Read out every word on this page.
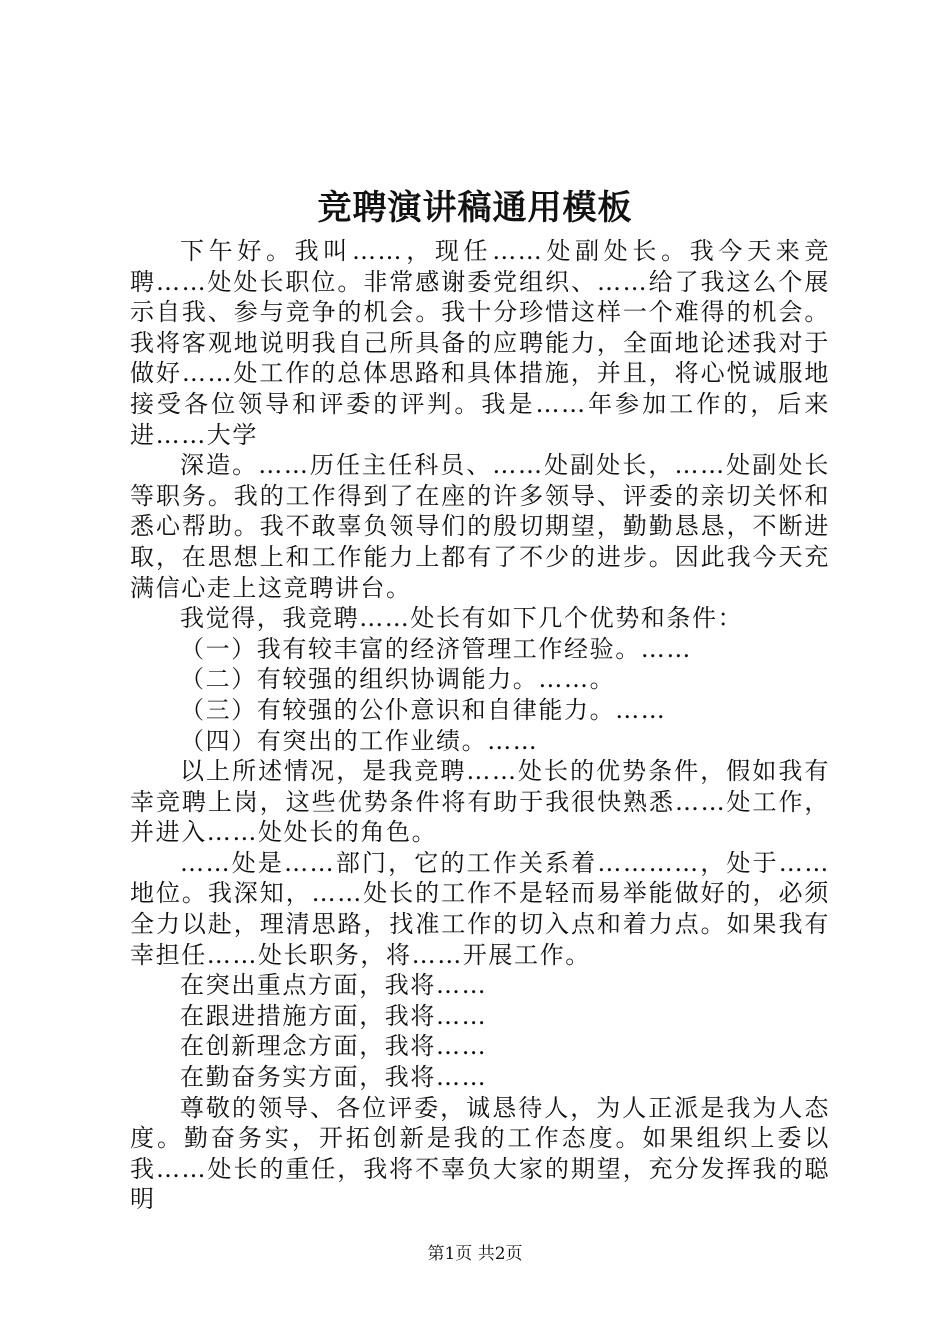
竞聘演讲稿通用模板

下午好。我叫……，现任……处副处长。我今天来竞聘……处处长职位。非常感谢委党组织、……给了我这么个展示自我、参与竞争的机会。我十分珍惜这样一个难得的机会。我将客观地说明我自己所具备的应聘能力，全面地论述我对于做好……处工作的总体思路和具体措施，并且，将心悦诚服地接受各位领导和评委的评判。我是……年参加工作的，后来进……大学

深造。……历任主任科员、……处副处长，……处副处长等职务。我的工作得到了在座的许多领导、评委的亲切关怀和悉心帮助。我不敢辜负领导们的殷切期望，勤勤恳恳，不断进取，在思想上和工作能力上都有了不少的进步。因此我今天充满信心走上这竞聘讲台。

我觉得，我竞聘……处长有如下几个优势和条件：

（一）我有较丰富的经济管理工作经验。……

（二）有较强的组织协调能力。……。

（三）有较强的公仆意识和自律能力。……

（四）有突出的工作业绩。……

以上所述情况，是我竞聘……处长的优势条件，假如我有幸竞聘上岗，这些优势条件将有助于我很快熟悉……处工作，并进入……处处长的角色。

……处是……部门，它的工作关系着…………，处于……地位。我深知，……处长的工作不是轻而易举能做好的，必须全力以赴，理清思路，找准工作的切入点和着力点。如果我有幸担任……处长职务，将……开展工作。

在突出重点方面，我将……

在跟进措施方面，我将……

在创新理念方面，我将……

在勤奋务实方面，我将……

尊敬的领导、各位评委，诚恳待人，为人正派是我为人态度。勤奋务实，开拓创新是我的工作态度。如果组织上委以我……处长的重任，我将不辜负大家的期望，充分发挥我的聪明

第1页 共2页
